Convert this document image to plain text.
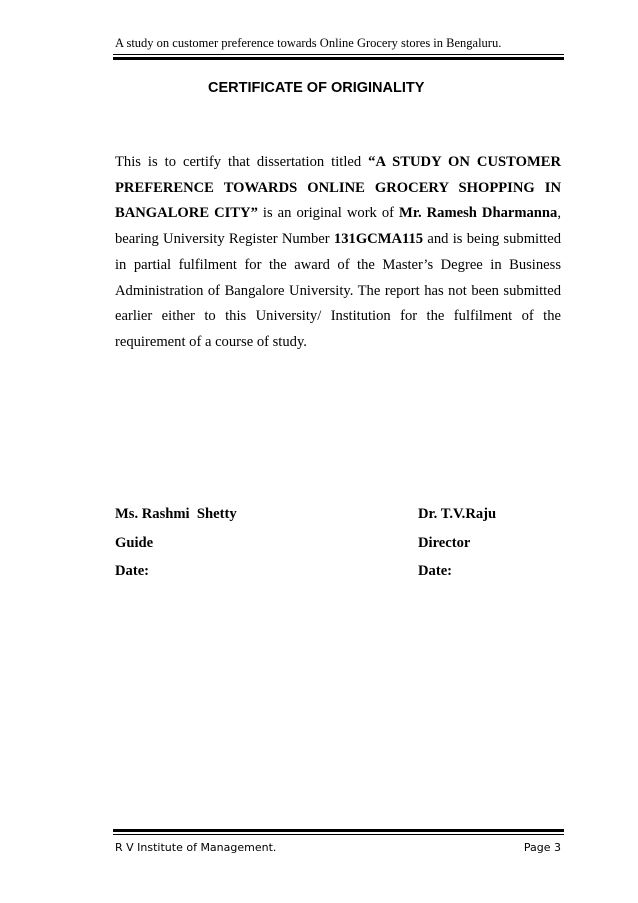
A study on customer preference towards Online Grocery stores in Bengaluru.
CERTIFICATE OF ORIGINALITY
This is to certify that dissertation titled “A STUDY ON CUSTOMER PREFERENCE TOWARDS ONLINE GROCERY SHOPPING IN BANGALORE CITY” is an original work of Mr. Ramesh Dharmanna, bearing University Register Number 131GCMA115 and is being submitted in partial fulfilment for the award of the Master’s Degree in Business Administration of Bangalore University. The report has not been submitted earlier either to this University/ Institution for the fulfilment of the requirement of a course of study.
Ms. Rashmi  Shetty	Dr. T.V.Raju
Guide	Director
Date:	Date:
R V Institute of Management.	Page 3
